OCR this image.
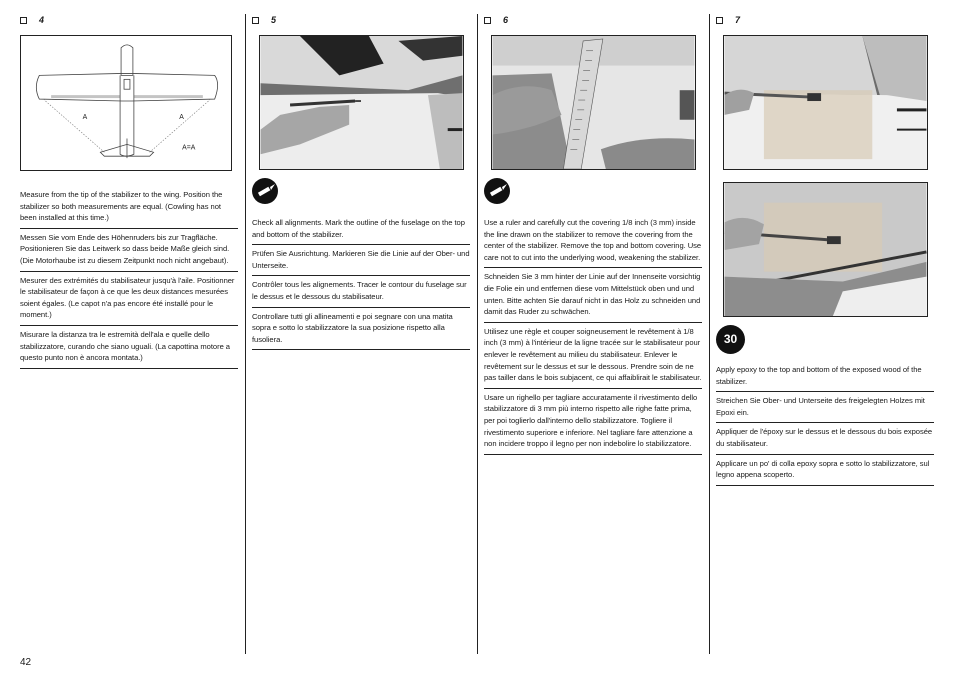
4
A	A
A=A
Measure from the tip of the stabilizer to the wing. Position the stabilizer so both measurements are equal. (Cowling has not been installed at this time.)
Messen Sie vom Ende des Höhenruders bis zur Tragfläche. Positionieren Sie das Leitwerk so dass beide Maße gleich sind. (Die Motorhaube ist zu diesem Zeitpunkt noch nicht angebaut).
Mesurer des extrémités du stabilisateur jusqu'à l'aile. Positionner le stabilisateur de façon à ce que les deux distances mesurées soient égales. (Le capot n'a pas encore été installé pour le moment.)
Misurare la distanza tra le estremità dell'ala e quelle dello stabilizzatore, curando che siano uguali. (La capottina motore a questo punto non è ancora montata.)
5
Check all alignments. Mark the outline of the fuselage on the top and bottom of the stabilizer.
Prüfen Sie Ausrichtung. Markieren Sie die Linie auf der Ober- und Unterseite.
Contrôler tous les alignements. Tracer le contour du fuselage sur le dessus et le dessous du stabilisateur.
Controllare tutti gli allineamenti e poi segnare con una matita sopra e sotto lo stabilizzatore la sua posizione rispetto alla fusoliera.
6
Use a ruler and carefully cut the covering 1/8 inch (3 mm) inside the line drawn on the stabilizer to remove the covering from the center of the stabilizer. Remove the top and bottom covering. Use care not to cut into the underlying wood, weakening the stabilizer.
Schneiden Sie 3 mm hinter der Linie auf der Innenseite vorsichtig die Folie ein und entfernen diese vom Mittelstück oben und und unten. Bitte achten Sie darauf nicht in das Holz zu schneiden und damit das Ruder zu schwächen.
Utilisez une règle et couper soigneusement le revêtement à 1/8 inch (3 mm) à l'intérieur de la ligne tracée sur le stabilisateur pour enlever le revêtement au milieu du stabilisateur. Enlever le revêtement sur le dessus et sur le dessous. Prendre soin de ne pas tailler dans le bois subjacent, ce qui affaiblirait le stabilisateur.
Usare un righello per tagliare accuratamente il rivestimento dello stabilizzatore di 3 mm più interno rispetto alle righe fatte prima, per poi toglierlo dall'interno dello stabilizzatore. Togliere il rivestimento superiore e inferiore. Nel tagliare fare attenzione a non incidere troppo il legno per non indebolire lo stabilizzatore.
7
30
Apply epoxy to the top and bottom of the exposed wood of the stabilizer.
Streichen Sie Ober- und Unterseite des freigelegten Holzes mit Epoxi ein.
Appliquer de l'époxy sur le dessus et le dessous du bois exposée du stabilisateur.
Applicare un po' di colla epoxy sopra e sotto lo stabilizzatore, sul legno appena scoperto.
42
